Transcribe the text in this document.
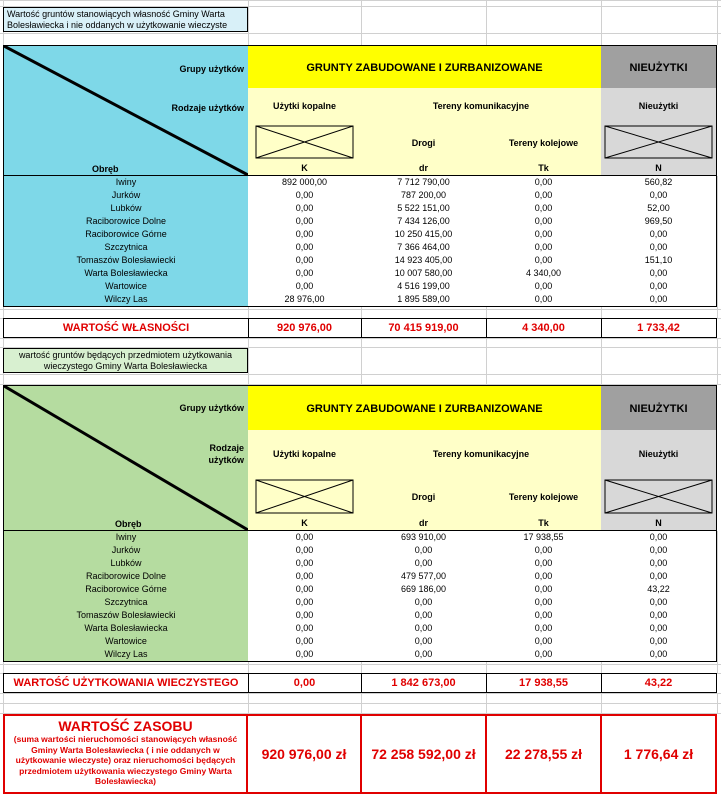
Wartość gruntów stanowiących własność Gminy Warta
Bolesławiecka i nie oddanych w użytkowanie wieczyste
Grupy użytków
Rodzaje użytków
Obręb
GRUNTY ZABUDOWANE I ZURBANIZOWANE	NIEUŻYTKI
Użytki kopalne	Tereny komunikacyjne	Nieużytki
Drogi	Tereny kolejowe
K	dr	Tk	N
Iwiny	892 000,00	7 712 790,00	0,00	560,82
Jurków	0,00	787 200,00	0,00	0,00
Lubków	0,00	5 522 151,00	0,00	52,00
Raciborowice Dolne	0,00	7 434 126,00	0,00	969,50
Raciborowice Górne	0,00	10 250 415,00	0,00	0,00
Szczytnica	0,00	7 366 464,00	0,00	0,00
Tomaszów Bolesławiecki	0,00	14 923 405,00	0,00	151,10
Warta Bolesławiecka	0,00	10 007 580,00	4 340,00	0,00
Wartowice	0,00	4 516 199,00	0,00	0,00
Wilczy Las	28 976,00	1 895 589,00	0,00	0,00
WARTOŚĆ WŁASNOŚCI	920 976,00	70 415 919,00	4 340,00	1 733,42
wartość gruntów będących przedmiotem użytkowania
wieczystego Gminy Warta Bolesławiecka
Grupy użytków
Rodzaje
użytków
Obręb
GRUNTY ZABUDOWANE I ZURBANIZOWANE	NIEUŻYTKI
Użytki kopalne	Tereny komunikacyjne	Nieużytki
Drogi	Tereny kolejowe
K	dr	Tk	N
Iwiny	0,00	693 910,00	17 938,55	0,00
Jurków	0,00	0,00	0,00	0,00
Lubków	0,00	0,00	0,00	0,00
Raciborowice Dolne	0,00	479 577,00	0,00	0,00
Raciborowice Górne	0,00	669 186,00	0,00	43,22
Szczytnica	0,00	0,00	0,00	0,00
Tomaszów Bolesławiecki	0,00	0,00	0,00	0,00
Warta Bolesławiecka	0,00	0,00	0,00	0,00
Wartowice	0,00	0,00	0,00	0,00
Wilczy Las	0,00	0,00	0,00	0,00
WARTOŚĆ UŻYTKOWANIA WIECZYSTEGO	0,00	1 842 673,00	17 938,55	43,22
WARTOŚĆ ZASOBU
(suma wartości nieruchomości stanowiących własność
Gminy Warta Bolesławiecka ( i nie oddanych w
użytkowanie wieczyste) oraz nieruchomości będących
przedmiotem użytkowania wieczystego Gminy Warta
Bolesławiecka)
920 976,00 zł	72 258 592,00 zł	22 278,55 zł	1 776,64 zł
